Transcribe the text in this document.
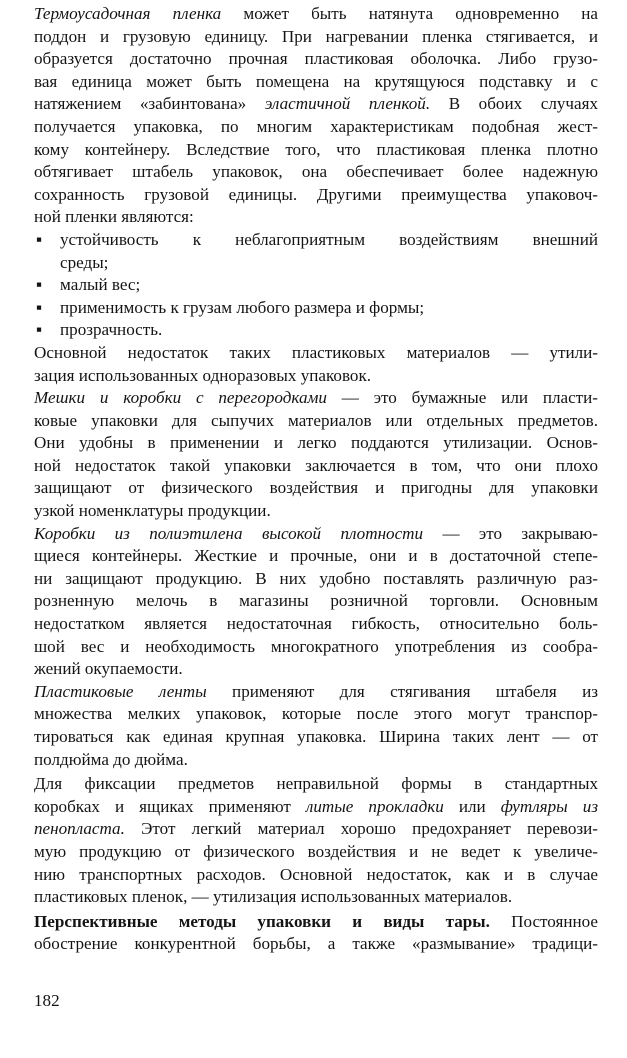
Термоусадочная пленка может быть натянута одновременно на
поддон и грузовую единицу. При нагревании пленка стягивается, и
образуется достаточно прочная пластиковая оболочка. Либо грузо-
вая единица может быть помещена на крутящуюся подставку и с
натяжением «забинтована» эластичной пленкой. В обоих случаях
получается упаковка, по многим характеристикам подобная жест-
кому контейнеру. Вследствие того, что пластиковая пленка плотно
обтягивает штабель упаковок, она обеспечивает более надежную
сохранность грузовой единицы. Другими преимущества упаковоч-
ной пленки являются:
▪ устойчивость к неблагоприятным воздействиям внешний
среды;
▪ малый вес;
▪ применимость к грузам любого размера и формы;
▪ прозрачность.
Основной недостаток таких пластиковых материалов — утили-
зация использованных одноразовых упаковок.
Мешки и коробки с перегородками — это бумажные или пласти-
ковые упаковки для сыпучих материалов или отдельных предметов.
Они удобны в применении и легко поддаются утилизации. Основ-
ной недостаток такой упаковки заключается в том, что они плохо
защищают от физического воздействия и пригодны для упаковки
узкой номенклатуры продукции.
Коробки из полиэтилена высокой плотности — это закрываю-
щиеся контейнеры. Жесткие и прочные, они и в достаточной степе-
ни защищают продукцию. В них удобно поставлять различную раз-
розненную мелочь в магазины розничной торговли. Основным
недостатком является недостаточная гибкость, относительно боль-
шой вес и необходимость многократного употребления из сообра-
жений окупаемости.
Пластиковые ленты применяют для стягивания штабеля из
множества мелких упаковок, которые после этого могут транспор-
тироваться как единая крупная упаковка. Ширина таких лент — от
полдюйма до дюйма.
Для фиксации предметов неправильной формы в стандартных
коробках и ящиках применяют литые прокладки или футляры из
пенопласта. Этот легкий материал хорошо предохраняет перевози-
мую продукцию от физического воздействия и не ведет к увеличе-
нию транспортных расходов. Основной недостаток, как и в случае
пластиковых пленок, — утилизация использованных материалов.
Перспективные методы упаковки и виды тары. Постоянное
обострение конкурентной борьбы, а также «размывание» традици-
182
